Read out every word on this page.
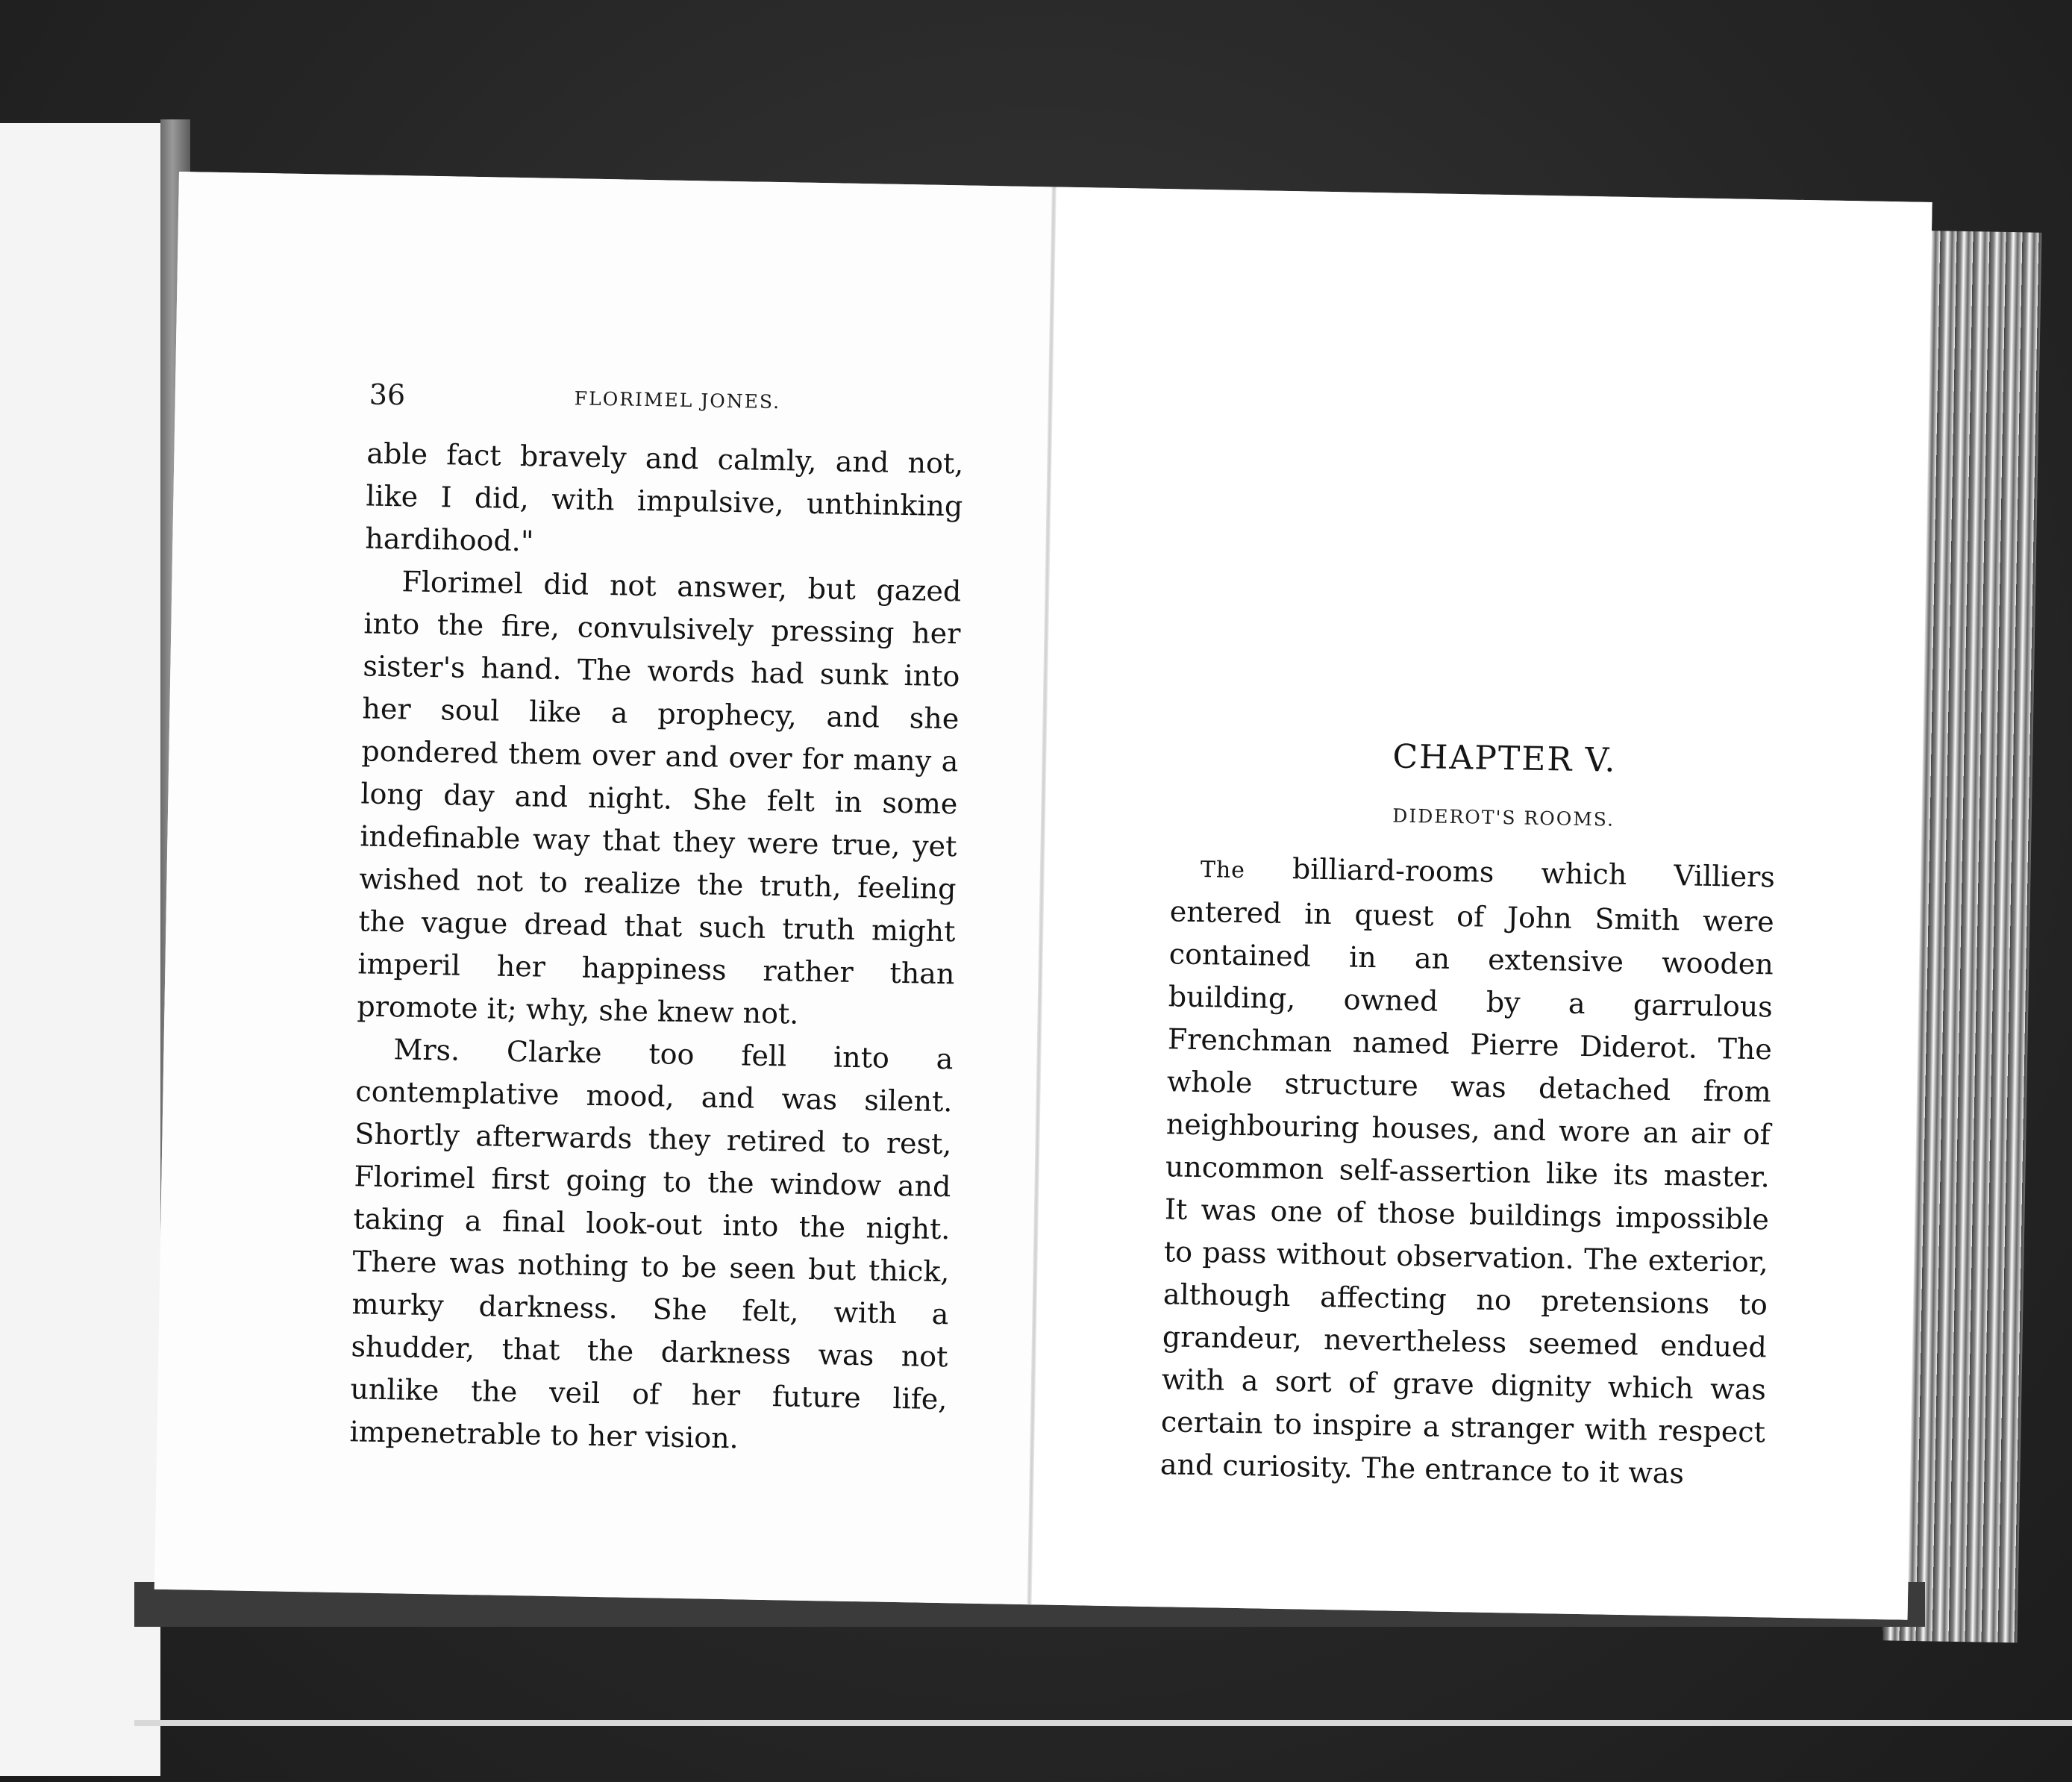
36	FLORIMEL JONES.

able fact bravely and calmly, and not, like I did, with impulsive, unthinking hardihood."

Florimel did not answer, but gazed into the fire, convulsively pressing her sister's hand. The words had sunk into her soul like a prophecy, and she pondered them over and over for many a long day and night. She felt in some indefinable way that they were true, yet wished not to realize the truth, feeling the vague dread that such truth might imperil her happiness rather than promote it; why, she knew not.

Mrs. Clarke too fell into a contemplative mood, and was silent. Shortly afterwards they retired to rest, Florimel first going to the window and taking a final look-out into the night. There was nothing to be seen but thick, murky darkness. She felt, with a shudder, that the darkness was not unlike the veil of her future life, impenetrable to her vision.

CHAPTER V.
DIDEROT'S ROOMS.

The billiard-rooms which Villiers entered in quest of John Smith were contained in an extensive wooden building, owned by a garrulous Frenchman named Pierre Diderot. The whole structure was detached from neighbouring houses, and wore an air of uncommon self-assertion like its master. It was one of those buildings impossible to pass without observation. The exterior, although affecting no pretensions to grandeur, nevertheless seemed endued with a sort of grave dignity which was certain to inspire a stranger with respect and curiosity. The entrance to it was
